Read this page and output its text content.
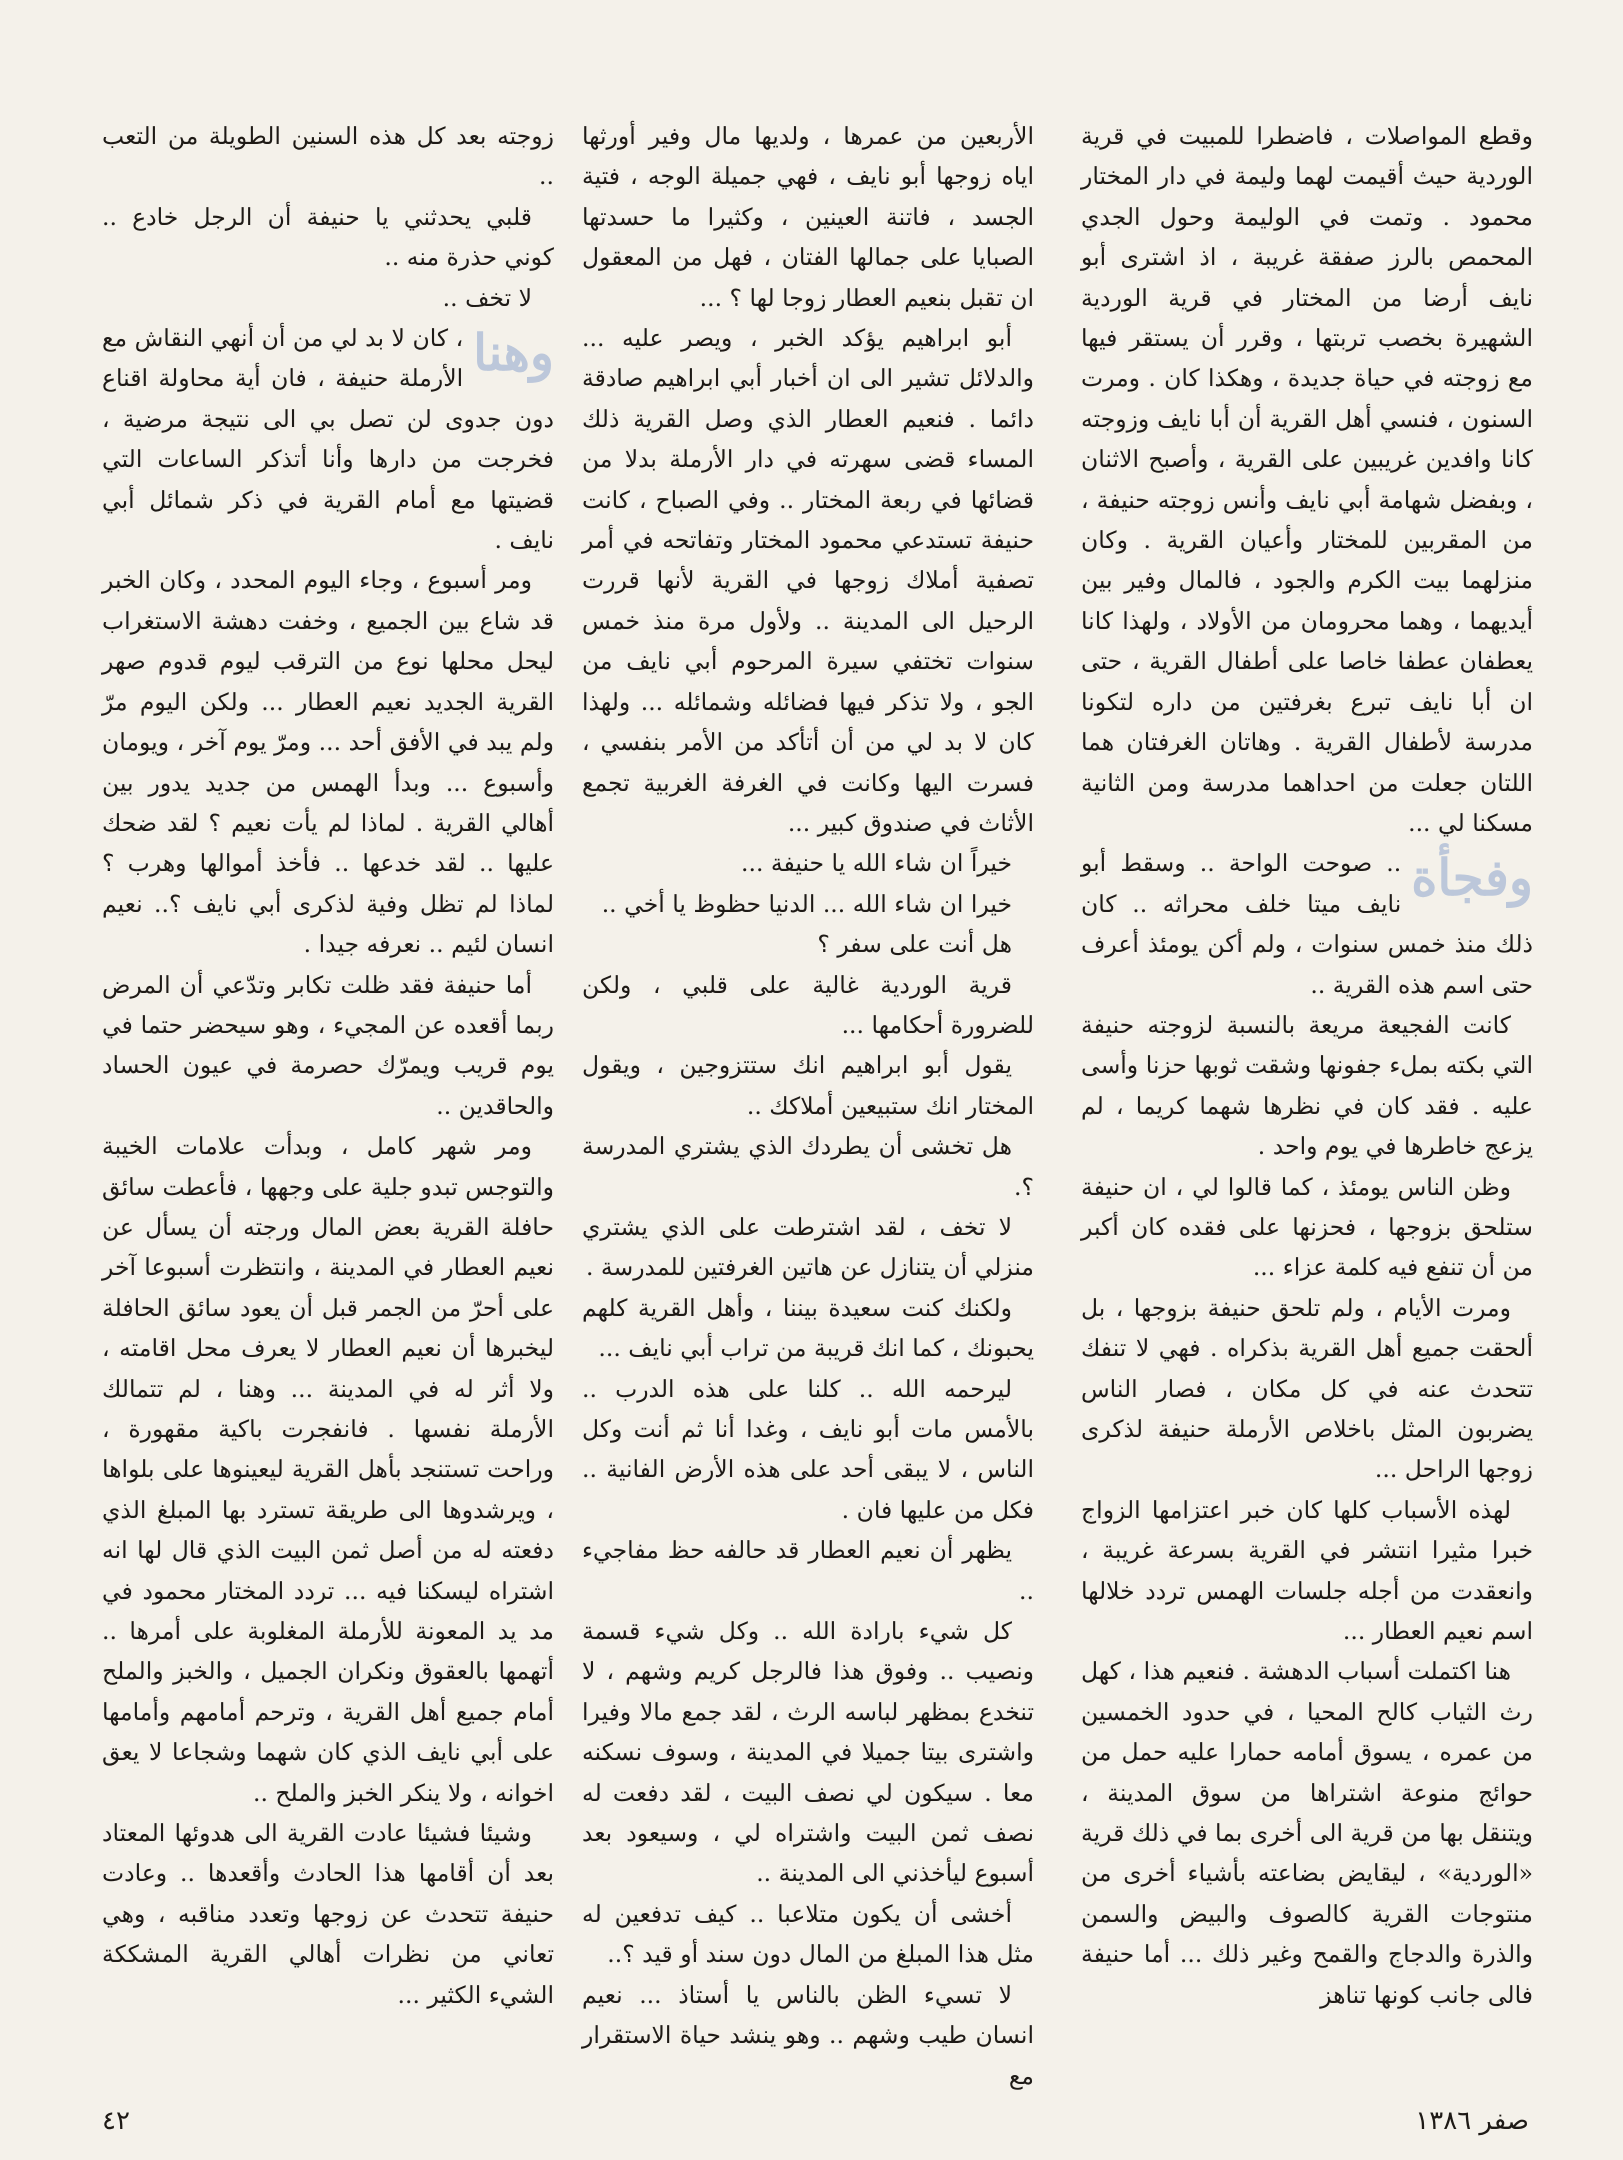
وقطع المواصلات ، فاضطرا للمبيت في قرية الوردية حيث أقيمت لهما وليمة في دار المختار محمود . وتمت في الوليمة وحول الجدي المحمص بالرز صفقة غريبة ، اذ اشترى أبو نايف أرضا من المختار في قرية الوردية الشهيرة بخصب تربتها ، وقرر أن يستقر فيها مع زوجته في حياة جديدة ، وهكذا كان . ومرت السنون ، فنسي أهل القرية أن أبا نايف وزوجته كانا وافدين غريبين على القرية ، وأصبح الاثنان ، وبفضل شهامة أبي نايف وأنس زوجته حنيفة ، من المقربين للمختار وأعيان القرية . وكان منزلهما بيت الكرم والجود ، فالمال وفير بين أيديهما ، وهما محرومان من الأولاد ، ولهذا كانا يعطفان عطفا خاصا على أطفال القرية ، حتى ان أبا نايف تبرع بغرفتين من داره لتكونا مدرسة لأطفال القرية . وهاتان الغرفتان هما اللتان جعلت من احداهما مدرسة ومن الثانية مسكنا لي ...

وفجأة
.. صوحت الواحة .. وسقط أبو نايف ميتا خلف محراثه .. كان ذلك منذ خمس سنوات ، ولم أكن يومئذ أعرف حتى اسم هذه القرية ..

كانت الفجيعة مريعة بالنسبة لزوجته حنيفة التي بكته بملء جفونها وشقت ثوبها حزنا وأسى عليه . فقد كان في نظرها شهما كريما ، لم يزعج خاطرها في يوم واحد .

وظن الناس يومئذ ، كما قالوا لي ، ان حنيفة ستلحق بزوجها ، فحزنها على فقده كان أكبر من أن تنفع فيه كلمة عزاء ...

ومرت الأيام ، ولم تلحق حنيفة بزوجها ، بل ألحقت جميع أهل القرية بذكراه . فهي لا تنفك تتحدث عنه في كل مكان ، فصار الناس يضربون المثل باخلاص الأرملة حنيفة لذكرى زوجها الراحل ...

لهذه الأسباب كلها كان خبر اعتزامها الزواج خبرا مثيرا انتشر في القرية بسرعة غريبة ، وانعقدت من أجله جلسات الهمس تردد خلالها اسم نعيم العطار ...

هنا اكتملت أسباب الدهشة . فنعيم هذا ، كهل رث الثياب كالح المحيا ، في حدود الخمسين من عمره ، يسوق أمامه حمارا عليه حمل من حوائج منوعة اشتراها من سوق المدينة ، ويتنقل بها من قرية الى أخرى بما في ذلك قرية «الوردية» ، ليقايض بضاعته بأشياء أخرى من منتوجات القرية كالصوف والبيض والسمن والذرة والدجاج والقمح وغير ذلك ... أما حنيفة فالى جانب كونها تناهز

الأربعين من عمرها ، ولديها مال وفير أورثها اياه زوجها أبو نايف ، فهي جميلة الوجه ، فتية الجسد ، فاتنة العينين ، وكثيرا ما حسدتها الصبايا على جمالها الفتان ، فهل من المعقول ان تقبل بنعيم العطار زوجا لها ؟ ...

أبو ابراهيم يؤكد الخبر ، ويصر عليه ... والدلائل تشير الى ان أخبار أبي ابراهيم صادقة دائما . فنعيم العطار الذي وصل القرية ذلك المساء قضى سهرته في دار الأرملة بدلا من قضائها في ربعة المختار .. وفي الصباح ، كانت حنيفة تستدعي محمود المختار وتفاتحه في أمر تصفية أملاك زوجها في القرية لأنها قررت الرحيل الى المدينة .. ولأول مرة منذ خمس سنوات تختفي سيرة المرحوم أبي نايف من الجو ، ولا تذكر فيها فضائله وشمائله ... ولهذا كان لا بد لي من أن أتأكد من الأمر بنفسي ، فسرت اليها وكانت في الغرفة الغربية تجمع الأثاث في صندوق كبير ...

خيراً ان شاء الله يا حنيفة ...

خيرا ان شاء الله ... الدنيا حظوظ يا أخي ..

هل أنت على سفر ؟

قرية الوردية غالية على قلبي ، ولكن للضرورة أحكامها ...

يقول أبو ابراهيم انك ستتزوجين ، ويقول المختار انك ستبيعين أملاكك ..

هل تخشى أن يطردك الذي يشتري المدرسة ؟.

لا تخف ، لقد اشترطت على الذي يشتري منزلي أن يتنازل عن هاتين الغرفتين للمدرسة .

ولكنك كنت سعيدة بيننا ، وأهل القرية كلهم يحبونك ، كما انك قريبة من تراب أبي نايف ...

ليرحمه الله .. كلنا على هذه الدرب .. بالأمس مات أبو نايف ، وغدا أنا ثم أنت وكل الناس ، لا يبقى أحد على هذه الأرض الفانية .. فكل من عليها فان .

يظهر أن نعيم العطار قد حالفه حظ مفاجيء ..

كل شيء بارادة الله .. وكل شيء قسمة ونصيب .. وفوق هذا فالرجل كريم وشهم ، لا تنخدع بمظهر لباسه الرث ، لقد جمع مالا وفيرا واشترى بيتا جميلا في المدينة ، وسوف نسكنه معا . سيكون لي نصف البيت ، لقد دفعت له نصف ثمن البيت واشتراه لي ، وسيعود بعد أسبوع ليأخذني الى المدينة ..

أخشى أن يكون متلاعبا .. كيف تدفعين له مثل هذا المبلغ من المال دون سند أو قيد ؟..

لا تسيء الظن بالناس يا أستاذ ... نعيم انسان طيب وشهم .. وهو ينشد حياة الاستقرار مع

زوجته بعد كل هذه السنين الطويلة من التعب ..

قلبي يحدثني يا حنيفة أن الرجل خادع .. كوني حذرة منه ..

لا تخف ..

وهنا
، كان لا بد لي من أن أنهي النقاش مع الأرملة حنيفة ، فان أية محاولة اقناع دون جدوى لن تصل بي الى نتيجة مرضية ، فخرجت من دارها وأنا أتذكر الساعات التي قضيتها مع أمام القرية في ذكر شمائل أبي نايف .

ومر أسبوع ، وجاء اليوم المحدد ، وكان الخبر قد شاع بين الجميع ، وخفت دهشة الاستغراب ليحل محلها نوع من الترقب ليوم قدوم صهر القرية الجديد نعيم العطار ... ولكن اليوم مرّ ولم يبد في الأفق أحد ... ومرّ يوم آخر ، ويومان وأسبوع ... وبدأ الهمس من جديد يدور بين أهالي القرية . لماذا لم يأت نعيم ؟ لقد ضحك عليها .. لقد خدعها .. فأخذ أموالها وهرب ؟ لماذا لم تظل وفية لذكرى أبي نايف ؟.. نعيم انسان لئيم .. نعرفه جيدا .

أما حنيفة فقد ظلت تكابر وتدّعي أن المرض ربما أقعده عن المجيء ، وهو سيحضر حتما في يوم قريب ويمرّك حصرمة في عيون الحساد والحاقدين ..

ومر شهر كامل ، وبدأت علامات الخيبة والتوجس تبدو جلية على وجهها ، فأعطت سائق حافلة القرية بعض المال ورجته أن يسأل عن نعيم العطار في المدينة ، وانتظرت أسبوعا آخر على أحرّ من الجمر قبل أن يعود سائق الحافلة ليخبرها أن نعيم العطار لا يعرف محل اقامته ، ولا أثر له في المدينة ... وهنا ، لم تتمالك الأرملة نفسها . فانفجرت باكية مقهورة ، وراحت تستنجد بأهل القرية ليعينوها على بلواها ، ويرشدوها الى طريقة تسترد بها المبلغ الذي دفعته له من أصل ثمن البيت الذي قال لها انه اشتراه ليسكنا فيه ... تردد المختار محمود في مد يد المعونة للأرملة المغلوبة على أمرها .. أتهمها بالعقوق ونكران الجميل ، والخبز والملح أمام جميع أهل القرية ، وترحم أمامهم وأمامها على أبي نايف الذي كان شهما وشجاعا لا يعق اخوانه ، ولا ينكر الخبز والملح ..

وشيئا فشيئا عادت القرية الى هدوئها المعتاد بعد أن أقامها هذا الحادث وأقعدها .. وعادت حنيفة تتحدث عن زوجها وتعدد مناقبه ، وهي تعاني من نظرات أهالي القرية المشككة الشيء الكثير ...

٤٢	صفر ١٣٨٦
